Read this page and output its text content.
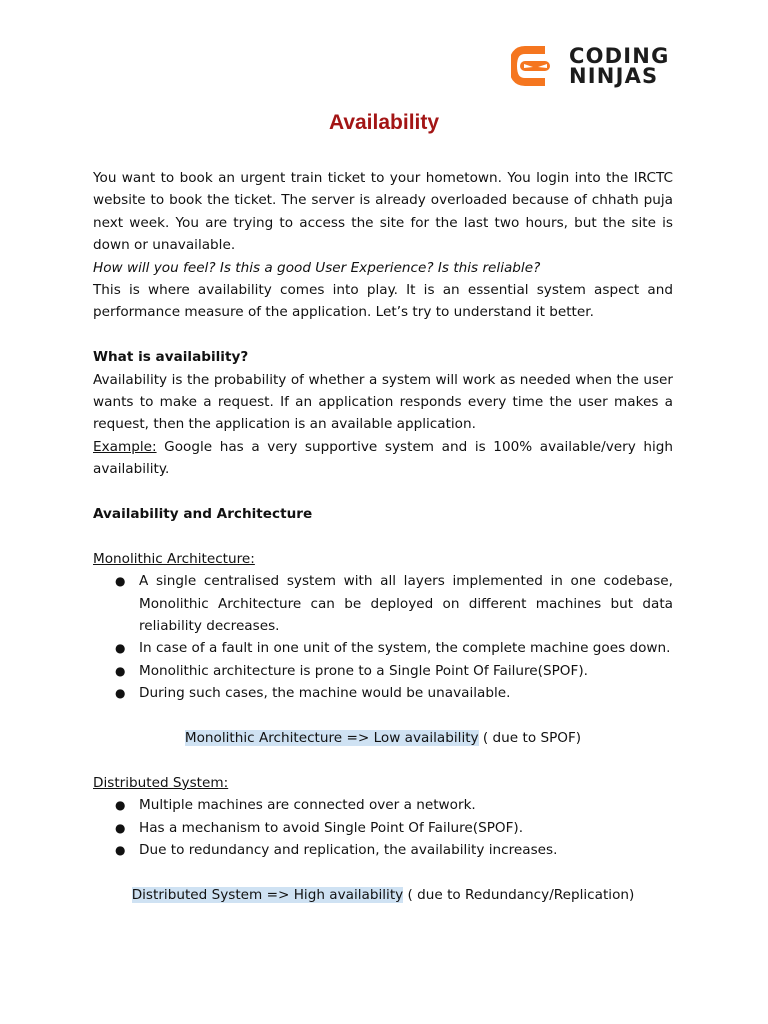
CODING
NINJAS
Availability

You want to book an urgent train ticket to your hometown. You login into the IRCTC website to book the ticket. The server is already overloaded because of chhath puja next week. You are trying to access the site for the last two hours, but the site is down or unavailable.

How will you feel? Is this a good User Experience? Is this reliable?

This is where availability comes into play. It is an essential system aspect and performance measure of the application. Let’s try to understand it better.

What is availability?

Availability is the probability of whether a system will work as needed when the user wants to make a request. If an application responds every time the user makes a request, then the application is an available application.

Example: Google has a very supportive system and is 100% available/very high availability.

Availability and Architecture

Monolithic Architecture:

● A single centralised system with all layers implemented in one codebase, Monolithic Architecture can be deployed on different machines but data reliability decreases.
● In case of a fault in one unit of the system, the complete machine goes down.
● Monolithic architecture is prone to a Single Point Of Failure(SPOF).
● During such cases, the machine would be unavailable.

Monolithic Architecture => Low availability ( due to SPOF)

Distributed System:

● Multiple machines are connected over a network.
● Has a mechanism to avoid Single Point Of Failure(SPOF).
● Due to redundancy and replication, the availability increases.

Distributed System => High availability ( due to Redundancy/Replication)
